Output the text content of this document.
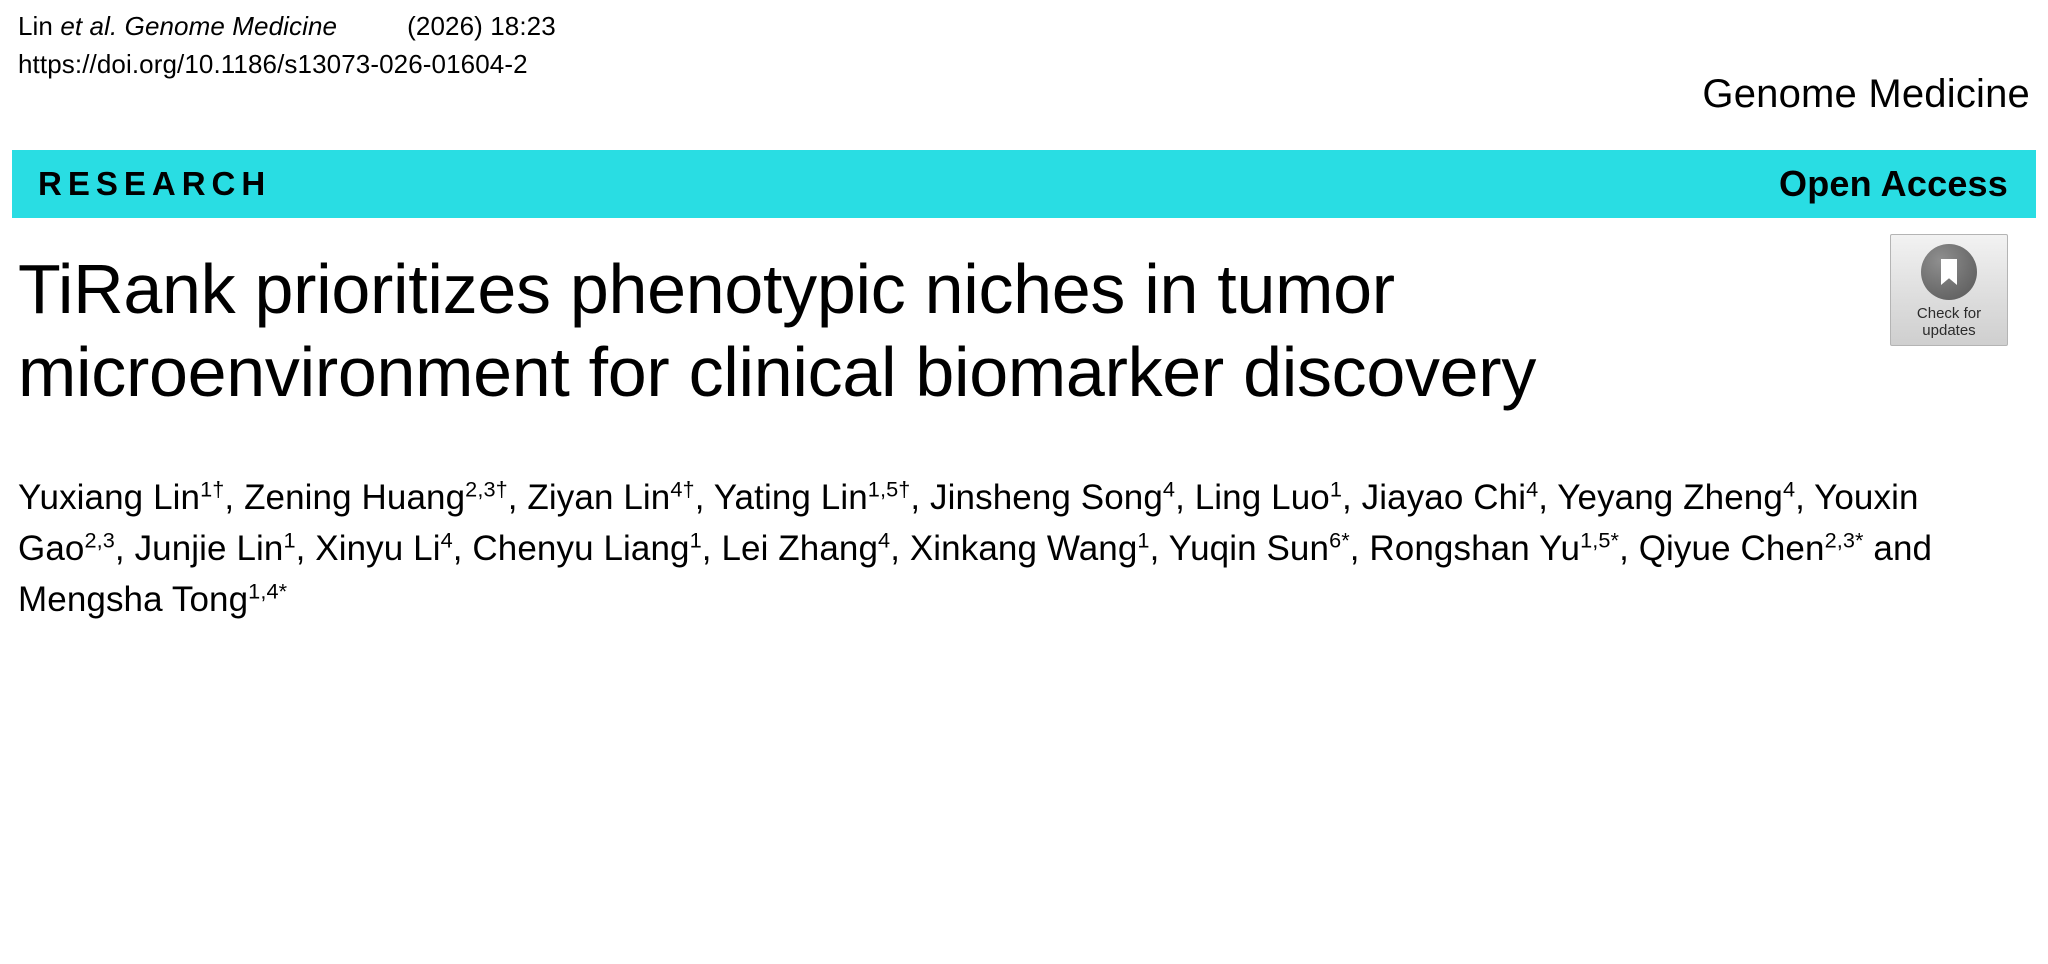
Lin et al. Genome Medicine	(2026) 18:23
https://doi.org/10.1186/s13073-026-01604-2
Genome Medicine
RESEARCH	Open Access
Check for
updates
TiRank prioritizes phenotypic niches in tumor microenvironment for clinical biomarker discovery
Yuxiang Lin$^{1\dagger}$, Zening Huang$^{2,3\dagger}$, Ziyan Lin$^{4\dagger}$, Yating Lin$^{1,5\dagger}$, Jinsheng Song$^4$, Ling Luo$^1$, Jiayao Chi$^4$, Yeyang Zheng$^4$, Youxin Gao$^{2,3}$, Junjie Lin$^1$, Xinyu Li$^4$, Chenyu Liang$^1$, Lei Zhang$^4$, Xinkang Wang$^1$, Yuqin Sun$^{6*}$, Rongshan $Yu^{1,5*}$, Qiyue Chen$^{2,3*}$ and Mengsha Tong$^{1,4*}$
